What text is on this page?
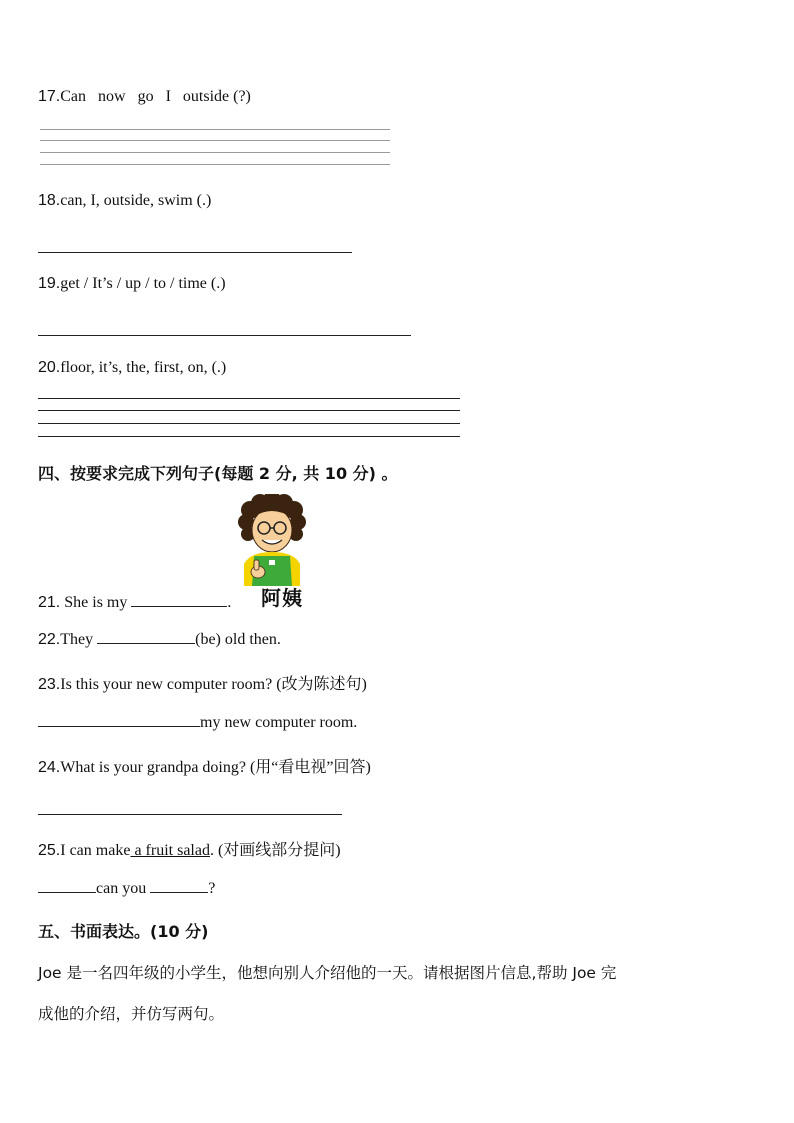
17.Can   now   go   I   outside (?)
18.can, I, outside, swim (.)
19.get / It’s / up / to / time (.)
20.floor, it’s, the, first, on, (.)
四、按要求完成下列句子(每题 2 分, 共 10 分) 。
阿姨
21. She is my	.
22.They	(be) old then.
23.Is this your new computer room? (改为陈述句)
my new computer room.
24.What is your grandpa doing? (用“看电视”回答)
25.I can make a fruit salad. (对画线部分提问)
can you	?
五、书面表达。(10 分)
Joe 是一名四年级的小学生，他想向别人介绍他的一天。请根据图片信息,帮助 Joe 完
成他的介绍，并仿写两句。
